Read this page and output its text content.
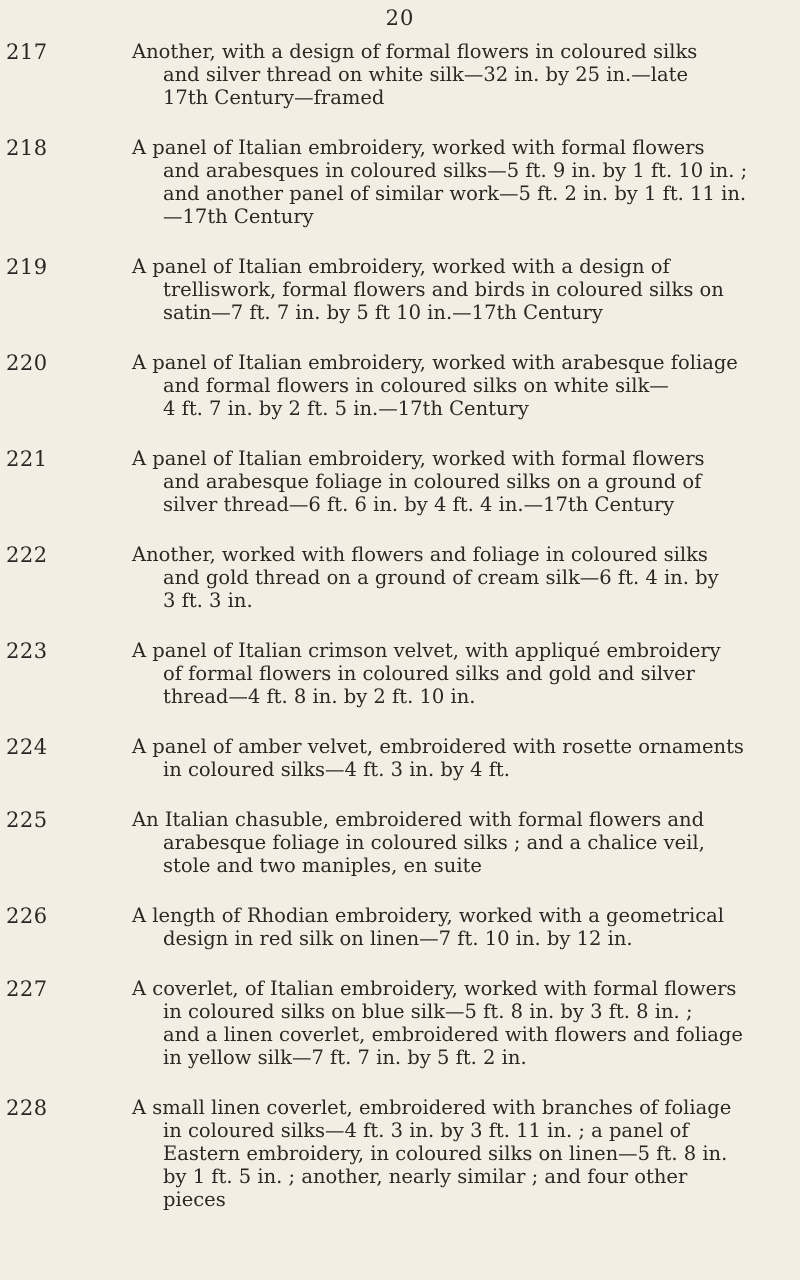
20
217	Another, with a design of formal flowers in coloured silks
and silver thread on white silk—32 in. by 25 in.—late
17th Century—framed
218	A panel of Italian embroidery, worked with formal flowers
and arabesques in coloured silks—5 ft. 9 in. by 1 ft. 10 in. ;
and another panel of similar work—5 ft. 2 in. by 1 ft. 11 in.
—17th Century
219	A panel of Italian embroidery, worked with a design of
trelliswork, formal flowers and birds in coloured silks on
satin—7 ft. 7 in. by 5 ft 10 in.—17th Century
220	A panel of Italian embroidery, worked with arabesque foliage
and formal flowers in coloured silks on white silk—
4 ft. 7 in. by 2 ft. 5 in.—17th Century
221	A panel of Italian embroidery, worked with formal flowers
and arabesque foliage in coloured silks on a ground of
silver thread—6 ft. 6 in. by 4 ft. 4 in.—17th Century
222	Another, worked with flowers and foliage in coloured silks
and gold thread on a ground of cream silk—6 ft. 4 in. by
3 ft. 3 in.
223	A panel of Italian crimson velvet, with appliqué embroidery
of formal flowers in coloured silks and gold and silver
thread—4 ft. 8 in. by 2 ft. 10 in.
224	A panel of amber velvet, embroidered with rosette ornaments
in coloured silks—4 ft. 3 in. by 4 ft.
225	An Italian chasuble, embroidered with formal flowers and
arabesque foliage in coloured silks ; and a chalice veil,
stole and two maniples, en suite
226	A length of Rhodian embroidery, worked with a geometrical
design in red silk on linen—7 ft. 10 in. by 12 in.
227	A coverlet, of Italian embroidery, worked with formal flowers
in coloured silks on blue silk—5 ft. 8 in. by 3 ft. 8 in. ;
and a linen coverlet, embroidered with flowers and foliage
in yellow silk—7 ft. 7 in. by 5 ft. 2 in.
228	A small linen coverlet, embroidered with branches of foliage
in coloured silks—4 ft. 3 in. by 3 ft. 11 in. ; a panel of
Eastern embroidery, in coloured silks on linen—5 ft. 8 in.
by 1 ft. 5 in. ; another, nearly similar ; and four other
pieces
